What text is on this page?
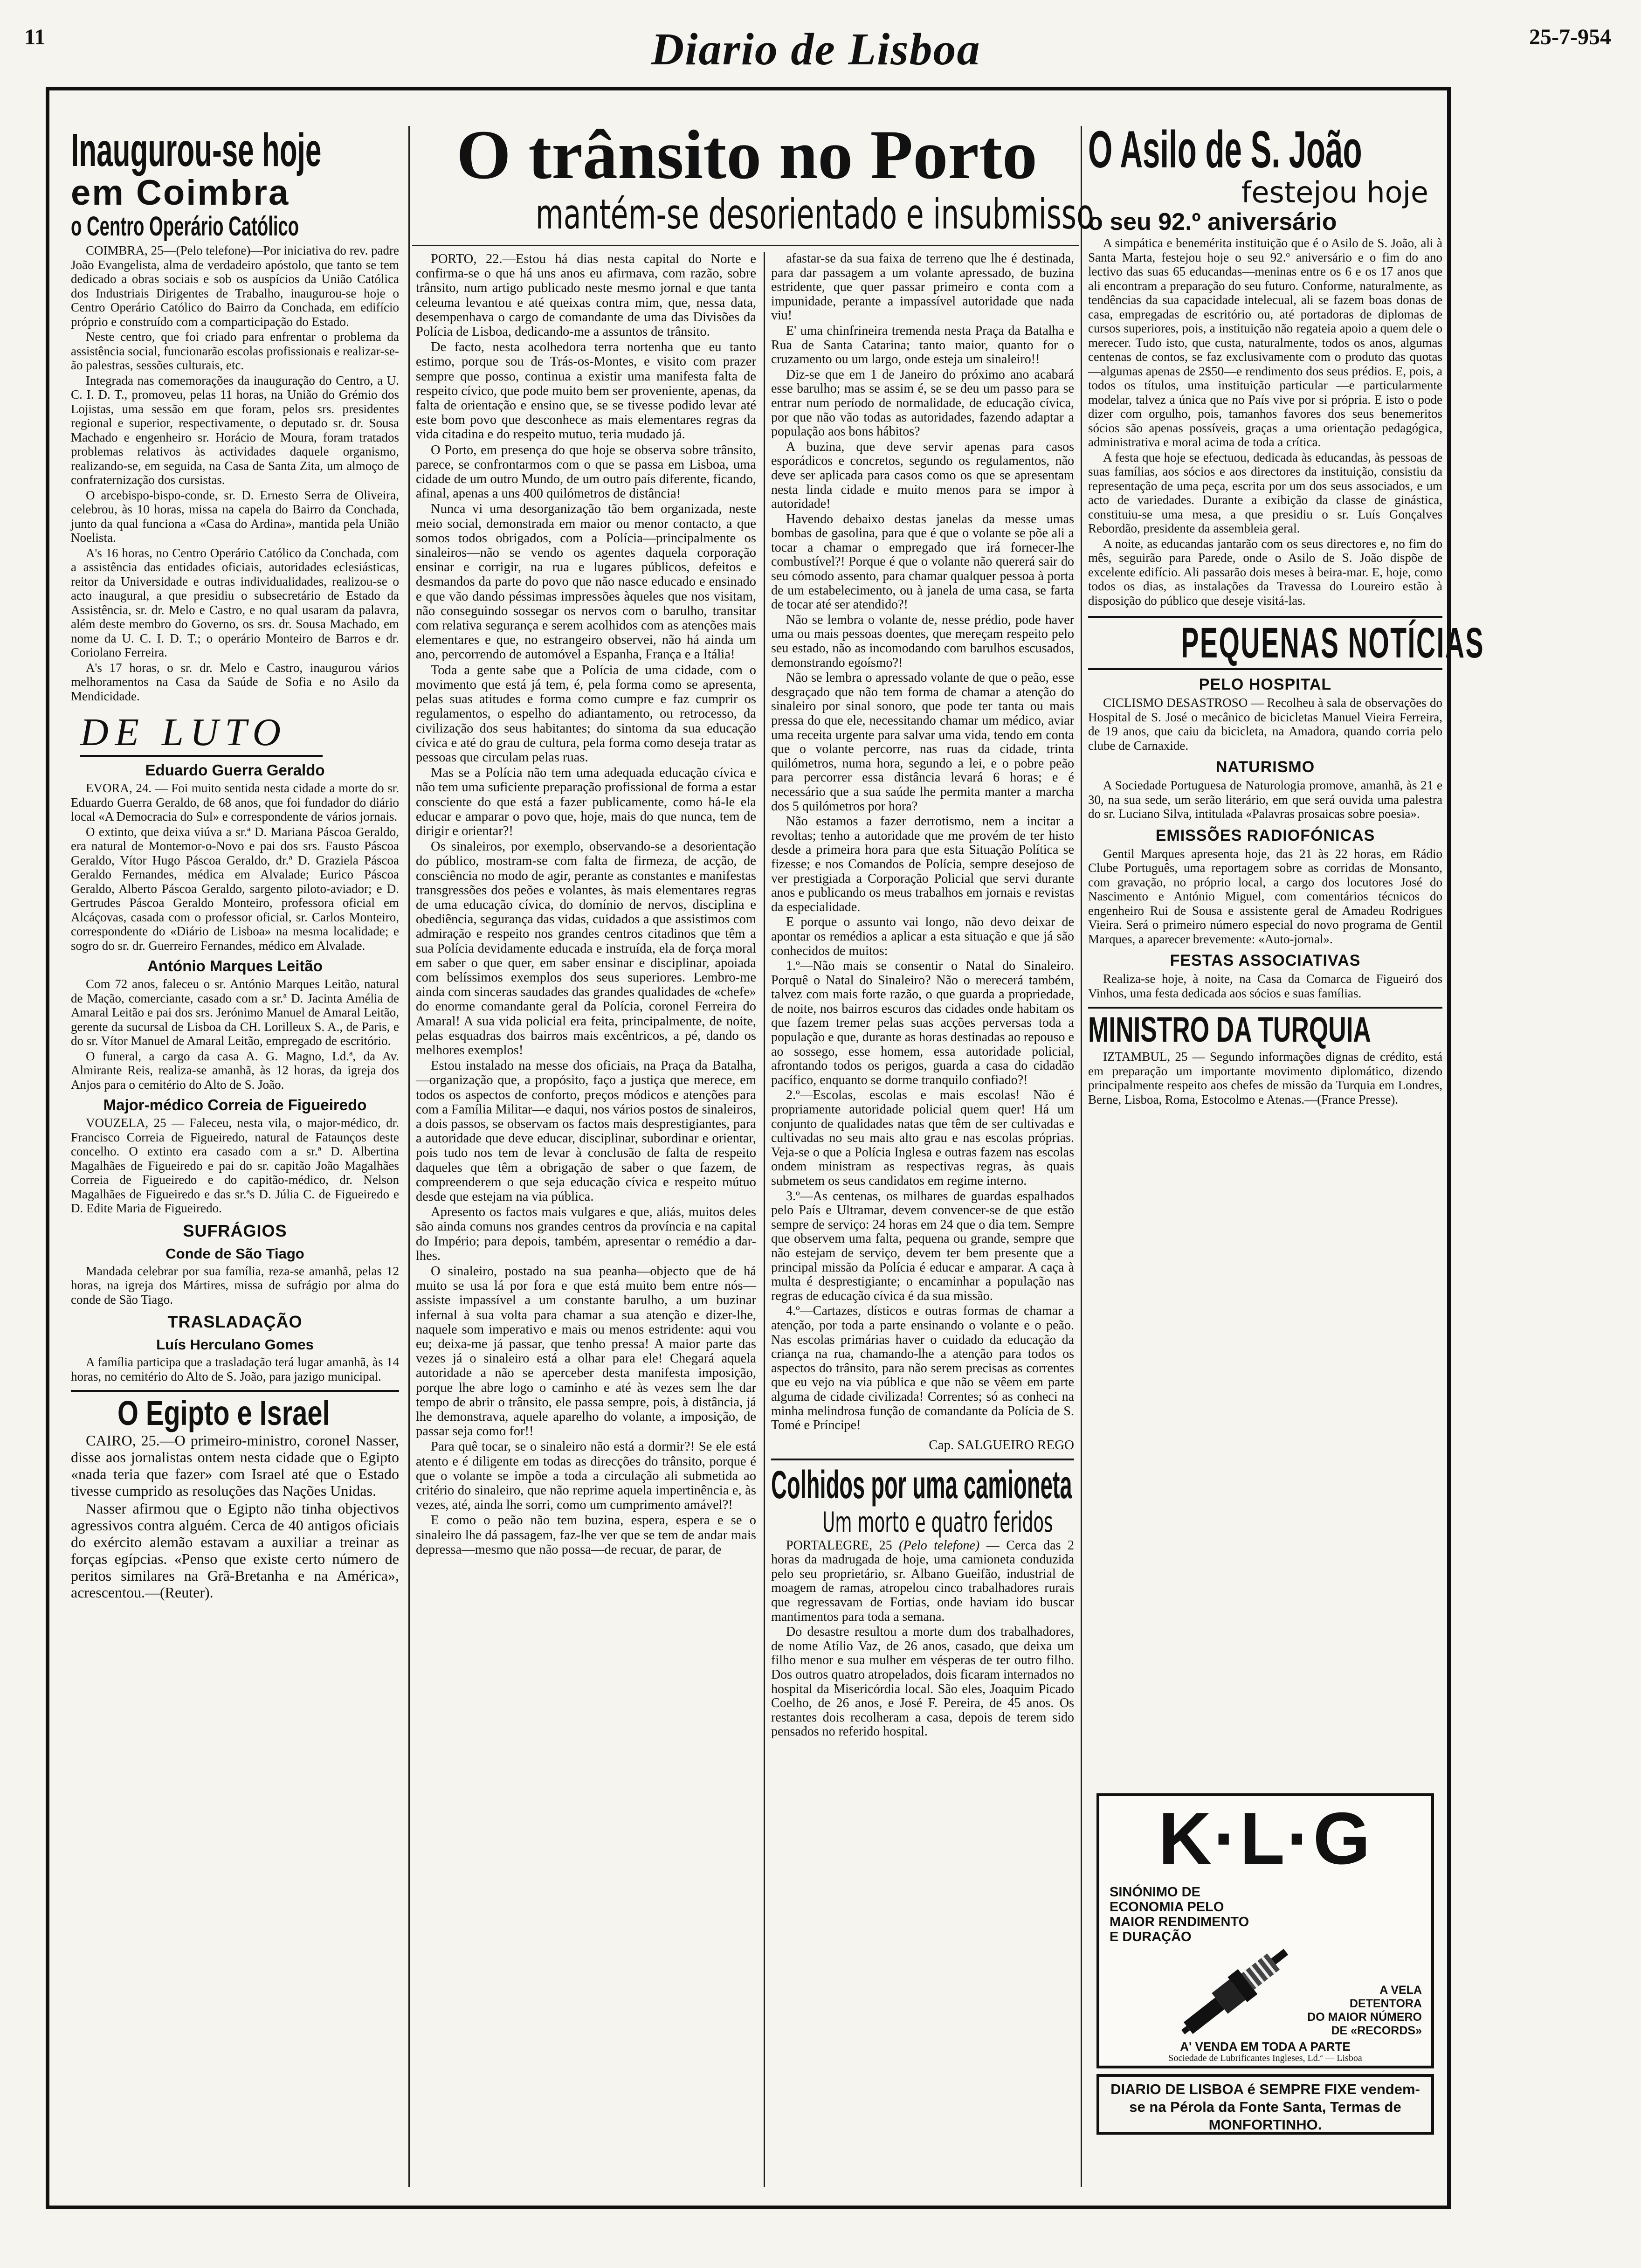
11	Diario de Lisboa	25-7-954
Inaugurou-se hoje
em Coimbra
o Centro Operário Católico

COIMBRA, 25—(Pelo telefone)—Por iniciativa do rev. padre João Evangelista, alma de verdadeiro apóstolo, que tanto se tem dedicado a obras sociais e sob os auspícios da União Católica dos Industriais Dirigentes de Trabalho, inaugurou-se hoje o Centro Operário Católico do Bairro da Conchada, em edifício próprio e construído com a comparticipação do Estado.

Neste centro, que foi criado para enfrentar o problema da assistência social, funcionarão escolas profissionais e realizar-se-ão palestras, sessões culturais, etc.

Integrada nas comemorações da inauguração do Centro, a U. C. I. D. T., promoveu, pelas 11 horas, na União do Grémio dos Lojistas, uma sessão em que foram, pelos srs. presidentes regional e superior, respectivamente, o deputado sr. dr. Sousa Machado e engenheiro sr. Horácio de Moura, foram tratados problemas relativos às actividades daquele organismo, realizando-se, em seguida, na Casa de Santa Zita, um almoço de confraternização dos cursistas.

O arcebispo-bispo-conde, sr. D. Ernesto Serra de Oliveira, celebrou, às 10 horas, missa na capela do Bairro da Conchada, junto da qual funciona a «Casa do Ardina», mantida pela União Noelista.

A's 16 horas, no Centro Operário Católico da Conchada, com a assistência das entidades oficiais, autoridades eclesiásticas, reitor da Universidade e outras individualidades, realizou-se o acto inaugural, a que presidiu o subsecretário de Estado da Assistência, sr. dr. Melo e Castro, e no qual usaram da palavra, além deste membro do Governo, os srs. dr. Sousa Machado, em nome da U. C. I. D. T.; o operário Monteiro de Barros e dr. Coriolano Ferreira.

A's 17 horas, o sr. dr. Melo e Castro, inaugurou vários melhoramentos na Casa da Saúde de Sofia e no Asilo da Mendicidade.

DE LUTO
Eduardo Guerra Geraldo

EVORA, 24. — Foi muito sentida nesta cidade a morte do sr. Eduardo Guerra Geraldo, de 68 anos, que foi fundador do diário local «A Democracia do Sul» e correspondente de vários jornais.

O extinto, que deixa viúva a sr.ª D. Mariana Páscoa Geraldo, era natural de Montemor-o-Novo e pai dos srs. Fausto Páscoa Geraldo, Vítor Hugo Páscoa Geraldo, dr.ª D. Graziela Páscoa Geraldo Fernandes, médica em Alvalade; Eurico Páscoa Geraldo, Alberto Páscoa Geraldo, sargento piloto-aviador; e D. Gertrudes Páscoa Geraldo Monteiro, professora oficial em Alcáçovas, casada com o professor oficial, sr. Carlos Monteiro, correspondente do «Diário de Lisboa» na mesma localidade; e sogro do sr. dr. Guerreiro Fernandes, médico em Alvalade.

António Marques Leitão

Com 72 anos, faleceu o sr. António Marques Leitão, natural de Mação, comerciante, casado com a sr.ª D. Jacinta Amélia de Amaral Leitão e pai dos srs. Jerónimo Manuel de Amaral Leitão, gerente da sucursal de Lisboa da CH. Lorilleux S. A., de Paris, e do sr. Vítor Manuel de Amaral Leitão, empregado de escritório.

O funeral, a cargo da casa A. G. Magno, Ld.ª, da Av. Almirante Reis, realiza-se amanhã, às 12 horas, da igreja dos Anjos para o cemitério do Alto de S. João.

Major-médico Correia de Figueiredo

VOUZELA, 25 — Faleceu, nesta vila, o major-médico, dr. Francisco Correia de Figueiredo, natural de Fataunços deste concelho. O extinto era casado com a sr.ª D. Albertina Magalhães de Figueiredo e pai do sr. capitão João Magalhães Correia de Figueiredo e do capitão-médico, dr. Nelson Magalhães de Figueiredo e das sr.ªs D. Júlia C. de Figueiredo e D. Edite Maria de Figueiredo.

SUFRÁGIOS
Conde de São Tiago

Mandada celebrar por sua família, reza-se amanhã, pelas 12 horas, na igreja dos Mártires, missa de sufrágio por alma do conde de São Tiago.

TRASLADAÇÃO
Luís Herculano Gomes

A família participa que a trasladação terá lugar amanhã, às 14 horas, no cemitério do Alto de S. João, para jazigo municipal.

O Egipto e Israel

CAIRO, 25.—O primeiro-ministro, coronel Nasser, disse aos jornalistas ontem nesta cidade que o Egipto «nada teria que fazer» com Israel até que o Estado tivesse cumprido as resoluções das Nações Unidas.

Nasser afirmou que o Egipto não tinha objectivos agressivos contra alguém. Cerca de 40 antigos oficiais do exército alemão estavam a auxiliar a treinar as forças egípcias. «Penso que existe certo número de peritos similares na Grã-Bretanha e na América», acrescentou.—(Reuter).

O trânsito no Porto
mantém-se desorientado e insubmisso

PORTO, 22.—Estou há dias nesta capital do Norte e confirma-se o que há uns anos eu afirmava, com razão, sobre trânsito, num artigo publicado neste mesmo jornal e que tanta celeuma levantou e até queixas contra mim, que, nessa data, desempenhava o cargo de comandante de uma das Divisões da Polícia de Lisboa, dedicando-me a assuntos de trânsito.

De facto, nesta acolhedora terra nortenha que eu tanto estimo, porque sou de Trás-os-Montes, e visito com prazer sempre que posso, continua a existir uma manifesta falta de respeito cívico, que pode muito bem ser proveniente, apenas, da falta de orientação e ensino que, se se tivesse podido levar até este bom povo que desconhece as mais elementares regras da vida citadina e do respeito mutuo, teria mudado já.

O Porto, em presença do que hoje se observa sobre trânsito, parece, se confrontarmos com o que se passa em Lisboa, uma cidade de um outro Mundo, de um outro país diferente, ficando, afinal, apenas a uns 400 quilómetros de distância!

Nunca vi uma desorganização tão bem organizada, neste meio social, demonstrada em maior ou menor contacto, a que somos todos obrigados, com a Polícia—principalmente os sinaleiros—não se vendo os agentes daquela corporação ensinar e corrigir, na rua e lugares públicos, defeitos e desmandos da parte do povo que não nasce educado e ensinado e que vão dando péssimas impressões àqueles que nos visitam, não conseguindo sossegar os nervos com o barulho, transitar com relativa segurança e serem acolhidos com as atenções mais elementares e que, no estrangeiro observei, não há ainda um ano, percorrendo de automóvel a Espanha, França e a Itália!

Toda a gente sabe que a Polícia de uma cidade, com o movimento que está já tem, é, pela forma como se apresenta, pelas suas atitudes e forma como cumpre e faz cumprir os regulamentos, o espelho do adiantamento, ou retrocesso, da civilização dos seus habitantes; do sintoma da sua educação cívica e até do grau de cultura, pela forma como deseja tratar as pessoas que circulam pelas ruas.

Mas se a Polícia não tem uma adequada educação cívica e não tem uma suficiente preparação profissional de forma a estar consciente do que está a fazer publicamente, como há-le ela educar e amparar o povo que, hoje, mais do que nunca, tem de dirigir e orientar?!

Os sinaleiros, por exemplo, observando-se a desorientação do público, mostram-se com falta de firmeza, de acção, de consciência no modo de agir, perante as constantes e manifestas transgressões dos peões e volantes, às mais elementares regras de uma educação cívica, do domínio de nervos, disciplina e obediência, segurança das vidas, cuidados a que assistimos com admiração e respeito nos grandes centros citadinos que têm a sua Polícia devidamente educada e instruída, ela de força moral em saber o que quer, em saber ensinar e disciplinar, apoiada com belíssimos exemplos dos seus superiores. Lembro-me ainda com sinceras saudades das grandes qualidades de «chefe» do enorme comandante geral da Polícia, coronel Ferreira do Amaral! A sua vida policial era feita, principalmente, de noite, pelas esquadras dos bairros mais excêntricos, a pé, dando os melhores exemplos!

Estou instalado na messe dos oficiais, na Praça da Batalha,—organização que, a propósito, faço a justiça que merece, em todos os aspectos de conforto, preços módicos e atenções para com a Família Militar—e daqui, nos vários postos de sinaleiros, a dois passos, se observam os factos mais desprestigiantes, para a autoridade que deve educar, disciplinar, subordinar e orientar, pois tudo nos tem de levar à conclusão de falta de respeito daqueles que têm a obrigação de saber o que fazem, de compreenderem o que seja educação cívica e respeito mútuo desde que estejam na via pública.

Apresento os factos mais vulgares e que, aliás, muitos deles são ainda comuns nos grandes centros da província e na capital do Império; para depois, também, apresentar o remédio a dar-lhes.

O sinaleiro, postado na sua peanha—objecto que de há muito se usa lá por fora e que está muito bem entre nós—assiste impassível a um constante barulho, a um buzinar infernal à sua volta para chamar a sua atenção e dizer-lhe, naquele som imperativo e mais ou menos estridente: aqui vou eu; deixa-me já passar, que tenho pressa! A maior parte das vezes já o sinaleiro está a olhar para ele! Chegará aquela autoridade a não se aperceber desta manifesta imposição, porque lhe abre logo o caminho e até às vezes sem lhe dar tempo de abrir o trânsito, ele passa sempre, pois, à distância, já lhe demonstrava, aquele aparelho do volante, a imposição, de passar seja como for!!

Para quê tocar, se o sinaleiro não está a dormir?! Se ele está atento e é diligente em todas as direcções do trânsito, porque é que o volante se impõe a toda a circulação ali submetida ao critério do sinaleiro, que não reprime aquela impertinência e, às vezes, até, ainda lhe sorri, como um cumprimento amável?!

E como o peão não tem buzina, espera, espera e se o sinaleiro lhe dá passagem, faz-lhe ver que se tem de andar mais depressa—mesmo que não possa—de recuar, de parar, de

afastar-se da sua faixa de terreno que lhe é destinada, para dar passagem a um volante apressado, de buzina estridente, que quer passar primeiro e conta com a impunidade, perante a impassível autoridade que nada viu!

E' uma chinfrineira tremenda nesta Praça da Batalha e Rua de Santa Catarina; tanto maior, quanto for o cruzamento ou um largo, onde esteja um sinaleiro!!

Diz-se que em 1 de Janeiro do próximo ano acabará esse barulho; mas se assim é, se se deu um passo para se entrar num período de normalidade, de educação cívica, por que não vão todas as autoridades, fazendo adaptar a população aos bons hábitos?

A buzina, que deve servir apenas para casos esporádicos e concretos, segundo os regulamentos, não deve ser aplicada para casos como os que se apresentam nesta linda cidade e muito menos para se impor à autoridade!

Havendo debaixo destas janelas da messe umas bombas de gasolina, para que é que o volante se põe ali a tocar a chamar o empregado que irá fornecer-lhe combustível?! Porque é que o volante não quererá sair do seu cómodo assento, para chamar qualquer pessoa à porta de um estabelecimento, ou à janela de uma casa, se farta de tocar até ser atendido?!

Não se lembra o volante de, nesse prédio, pode haver uma ou mais pessoas doentes, que mereçam respeito pelo seu estado, não as incomodando com barulhos escusados, demonstrando egoísmo?!

Não se lembra o apressado volante de que o peão, esse desgraçado que não tem forma de chamar a atenção do sinaleiro por sinal sonoro, que pode ter tanta ou mais pressa do que ele, necessitando chamar um médico, aviar uma receita urgente para salvar uma vida, tendo em conta que o volante percorre, nas ruas da cidade, trinta quilómetros, numa hora, segundo a lei, e o pobre peão para percorrer essa distância levará 6 horas; e é necessário que a sua saúde lhe permita manter a marcha dos 5 quilómetros por hora?

Não estamos a fazer derrotismo, nem a incitar a revoltas; tenho a autoridade que me provém de ter histo desde a primeira hora para que esta Situação Política se fizesse; e nos Comandos de Polícia, sempre desejoso de ver prestigiada a Corporação Policial que servi durante anos e publicando os meus trabalhos em jornais e revistas da especialidade.

E porque o assunto vai longo, não devo deixar de apontar os remédios a aplicar a esta situação e que já são conhecidos de muitos:

1.º—Não mais se consentir o Natal do Sinaleiro. Porquê o Natal do Sinaleiro? Não o merecerá também, talvez com mais forte razão, o que guarda a propriedade, de noite, nos bairros escuros das cidades onde habitam os que fazem tremer pelas suas acções perversas toda a população e que, durante as horas destinadas ao repouso e ao sossego, esse homem, essa autoridade policial, afrontando todos os perigos, guarda a casa do cidadão pacífico, enquanto se dorme tranquilo confiado?!

2.º—Escolas, escolas e mais escolas! Não é propriamente autoridade policial quem quer! Há um conjunto de qualidades natas que têm de ser cultivadas e cultivadas no seu mais alto grau e nas escolas próprias. Veja-se o que a Polícia Inglesa e outras fazem nas escolas ondem ministram as respectivas regras, às quais submetem os seus candidatos em regime interno.

3.º—As centenas, os milhares de guardas espalhados pelo País e Ultramar, devem convencer-se de que estão sempre de serviço: 24 horas em 24 que o dia tem. Sempre que observem uma falta, pequena ou grande, sempre que não estejam de serviço, devem ter bem presente que a principal missão da Polícia é educar e amparar. A caça à multa é desprestigiante; o encaminhar a população nas regras de educação cívica é da sua missão.

4.º—Cartazes, dísticos e outras formas de chamar a atenção, por toda a parte ensinando o volante e o peão. Nas escolas primárias haver o cuidado da educação da criança na rua, chamando-lhe a atenção para todos os aspectos do trânsito, para não serem precisas as correntes que eu vejo na via pública e que não se vêem em parte alguma de cidade civilizada! Correntes; só as conheci na minha melindrosa função de comandante da Polícia de S. Tomé e Príncipe!

Cap. SALGUEIRO REGO
Colhidos por uma camioneta
Um morto e quatro feridos

PORTALEGRE, 25 (Pelo telefone) — Cerca das 2 horas da madrugada de hoje, uma camioneta conduzida pelo seu proprietário, sr. Albano Gueifão, industrial de moagem de ramas, atropelou cinco trabalhadores rurais que regressavam de Fortias, onde haviam ido buscar mantimentos para toda a semana.

Do desastre resultou a morte dum dos trabalhadores, de nome Atílio Vaz, de 26 anos, casado, que deixa um filho menor e sua mulher em vésperas de ter outro filho. Dos outros quatro atropelados, dois ficaram internados no hospital da Misericórdia local. São eles, Joaquim Picado Coelho, de 26 anos, e José F. Pereira, de 45 anos. Os restantes dois recolheram a casa, depois de terem sido pensados no referido hospital.

O Asilo de S. João
festejou hoje
o seu 92.º aniversário

A simpática e benemérita instituição que é o Asilo de S. João, ali à Santa Marta, festejou hoje o seu 92.º aniversário e o fim do ano lectivo das suas 65 educandas—meninas entre os 6 e os 17 anos que ali encontram a preparação do seu futuro. Conforme, naturalmente, as tendências da sua capacidade intelecual, ali se fazem boas donas de casa, empregadas de escritório ou, até portadoras de diplomas de cursos superiores, pois, a instituição não regateia apoio a quem dele o merecer. Tudo isto, que custa, naturalmente, todos os anos, algumas centenas de contos, se faz exclusivamente com o produto das quotas—algumas apenas de 2$50—e rendimento dos seus prédios. E, pois, a todos os títulos, uma instituição particular —e particularmente modelar, talvez a única que no País vive por si própria. E isto o pode dizer com orgulho, pois, tamanhos favores dos seus benemeritos sócios são apenas possíveis, graças a uma orientação pedagógica, administrativa e moral acima de toda a crítica.

A festa que hoje se efectuou, dedicada às educandas, às pessoas de suas famílias, aos sócios e aos directores da instituição, consistiu da representação de uma peça, escrita por um dos seus associados, e um acto de variedades. Durante a exibição da classe de ginástica, constituiu-se uma mesa, a que presidiu o sr. Luís Gonçalves Rebordão, presidente da assembleia geral.

A noite, as educandas jantarão com os seus directores e, no fim do mês, seguirão para Parede, onde o Asilo de S. João dispõe de excelente edifício. Ali passarão dois meses à beira-mar. E, hoje, como todos os dias, as instalações da Travessa do Loureiro estão à disposição do público que deseje visitá-las.

PEQUENAS NOTÍCIAS
PELO HOSPITAL

CICLISMO DESASTROSO — Recolheu à sala de observações do Hospital de S. José o mecânico de bicicletas Manuel Vieira Ferreira, de 19 anos, que caiu da bicicleta, na Amadora, quando corria pelo clube de Carnaxide.

NATURISMO

A Sociedade Portuguesa de Naturologia promove, amanhã, às 21 e 30, na sua sede, um serão literário, em que será ouvida uma palestra do sr. Luciano Silva, intitulada «Palavras prosaicas sobre poesia».

EMISSÕES RADIOFÓNICAS

Gentil Marques apresenta hoje, das 21 às 22 horas, em Rádio Clube Português, uma reportagem sobre as corridas de Monsanto, com gravação, no próprio local, a cargo dos locutores José do Nascimento e António Miguel, com comentários técnicos do engenheiro Rui de Sousa e assistente geral de Amadeu Rodrigues Vieira. Será o primeiro número especial do novo programa de Gentil Marques, a aparecer brevemente: «Auto-jornal».

FESTAS ASSOCIATIVAS

Realiza-se hoje, à noite, na Casa da Comarca de Figueiró dos Vinhos, uma festa dedicada aos sócios e suas famílias.

MINISTRO DA TURQUIA

IZTAMBUL, 25 — Segundo informações dignas de crédito, está em preparação um importante movimento diplomático, dizendo principalmente respeito aos chefes de missão da Turquia em Londres, Berne, Lisboa, Roma, Estocolmo e Atenas.—(France Presse).

K·L·G
SINÓNIMO DE
ECONOMIA PELO
MAIOR RENDIMENTO
E DURAÇÃO
A VELA
DETENTORA
DO MAIOR NÚMERO
DE «RECORDS»
A' VENDA EM TODA A PARTE
Sociedade de Lubrificantes Ingleses, Ld.ª — Lisboa
DIARIO DE LISBOA é SEMPRE FIXE vendem-se na Pérola da Fonte Santa, Termas de MONFORTINHO.
